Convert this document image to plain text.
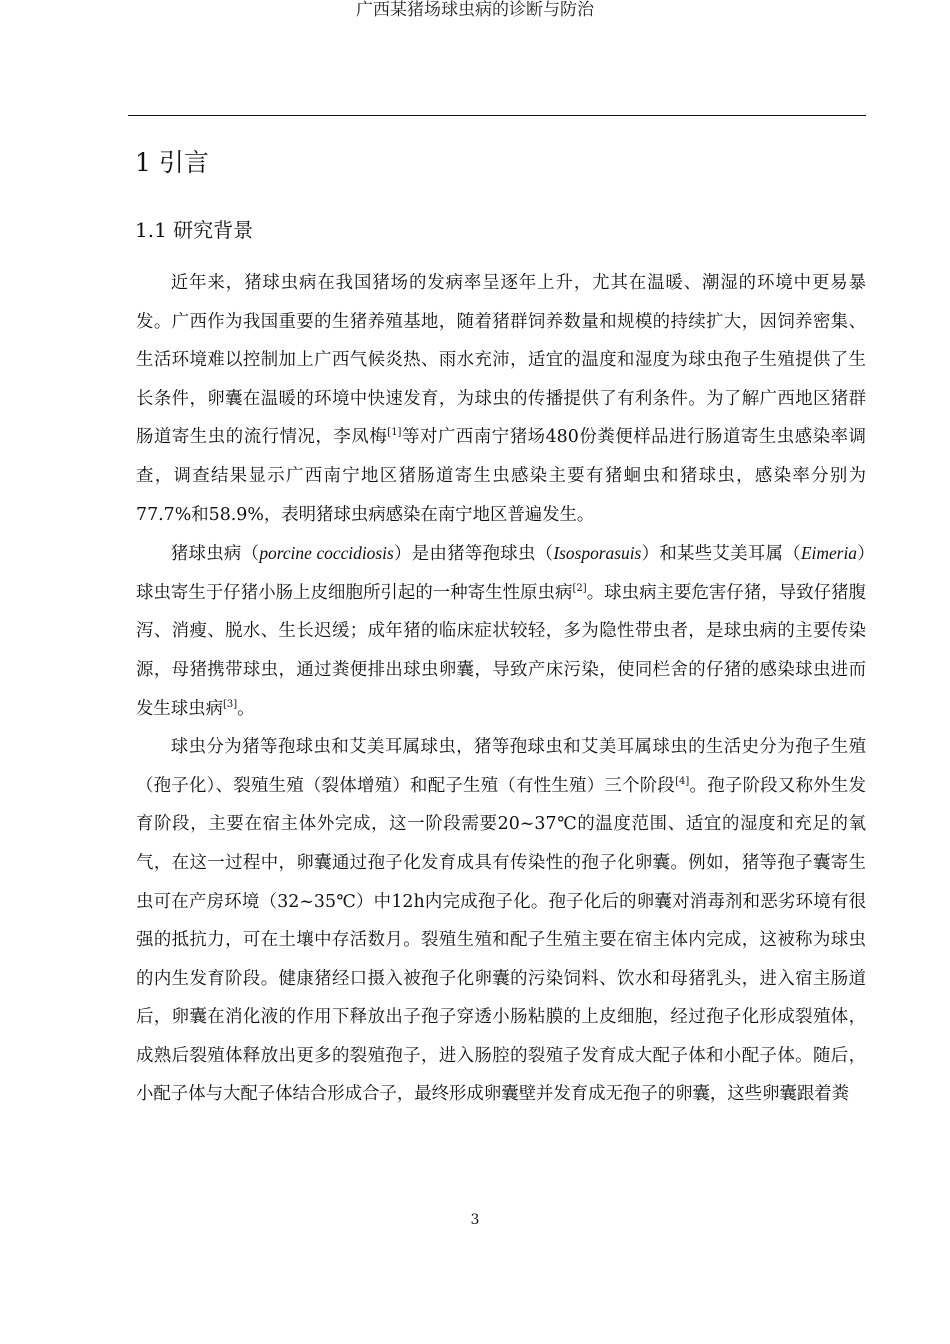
广西某猪场球虫病的诊断与防治
1 引言
1.1 研究背景

近年来，猪球虫病在我国猪场的发病率呈逐年上升，尤其在温暖、潮湿的环境中更易暴发。广西作为我国重要的生猪养殖基地，随着猪群饲养数量和规模的持续扩大，因饲养密集、生活环境难以控制加上广西气候炎热、雨水充沛，适宜的温度和湿度为球虫孢子生殖提供了生长条件，卵囊在温暖的环境中快速发育，为球虫的传播提供了有利条件。为了解广西地区猪群肠道寄生虫的流行情况，李凤梅[1]等对广西南宁猪场480份粪便样品进行肠道寄生虫感染率调查，调查结果显示广西南宁地区猪肠道寄生虫感染主要有猪蛔虫和猪球虫，感染率分别为77.7%和58.9%，表明猪球虫病感染在南宁地区普遍发生。

猪球虫病（porcine coccidiosis）是由猪等孢球虫（Isosporasuis）和某些艾美耳属（Eimeria）球虫寄生于仔猪小肠上皮细胞所引起的一种寄生性原虫病[2]。球虫病主要危害仔猪，导致仔猪腹泻、消瘦、脱水、生长迟缓；成年猪的临床症状较轻，多为隐性带虫者，是球虫病的主要传染源，母猪携带球虫，通过粪便排出球虫卵囊，导致产床污染，使同栏舍的仔猪的感染球虫进而发生球虫病[3]。

球虫分为猪等孢球虫和艾美耳属球虫，猪等孢球虫和艾美耳属球虫的生活史分为孢子生殖（孢子化）、裂殖生殖（裂体增殖）和配子生殖（有性生殖）三个阶段[4]。孢子阶段又称外生发育阶段，主要在宿主体外完成，这一阶段需要20~37℃的温度范围、适宜的湿度和充足的氧气，在这一过程中，卵囊通过孢子化发育成具有传染性的孢子化卵囊。例如，猪等孢子囊寄生虫可在产房环境（32~35℃）中12h内完成孢子化。孢子化后的卵囊对消毒剂和恶劣环境有很强的抵抗力，可在土壤中存活数月。裂殖生殖和配子生殖主要在宿主体内完成，这被称为球虫的内生发育阶段。健康猪经口摄入被孢子化卵囊的污染饲料、饮水和母猪乳头，进入宿主肠道后，卵囊在消化液的作用下释放出子孢子穿透小肠粘膜的上皮细胞，经过孢子化形成裂殖体，成熟后裂殖体释放出更多的裂殖孢子，进入肠腔的裂殖子发育成大配子体和小配子体。随后，小配子体与大配子体结合形成合子，最终形成卵囊壁并发育成无孢子的卵囊，这些卵囊跟着粪

3
